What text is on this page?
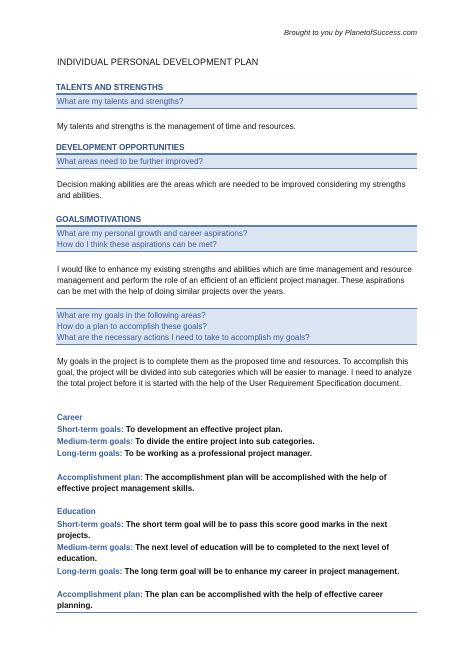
Brought to you by PlanetofSuccess.com
INDIVIDUAL PERSONAL DEVELOPMENT PLAN
TALENTS AND STRENGTHS
What are my talents and strengths?
My talents and strengths is the management of time and resources.
DEVELOPMENT OPPORTUNITIES
What areas need to be further improved?
Decision making abilities are the areas which are needed to be improved considering my strengths and abilities.
GOALS/MOTIVATIONS
What are my personal growth and career aspirations?
How do I think these aspirations can be met?
I would like to enhance my existing strengths and abilities which are time management and resource management and perform the role of an efficient of an efficient project manager. These aspirations can be met with the help of doing similar projects over the years.
What are my goals in the following areas?
How do a plan to accomplish these goals?
What are the necessary actions I need to take to accomplish my goals?
My goals in the project is to complete them as the proposed time and resources. To accomplish this goal, the project will be divided into sub categories which will be easier to manage. I need to analyze the total project before it is started with the help of the User Requirement Specification document.
Career
Short-term goals: To development an effective project plan.
Medium-term goals: To divide the entire project into sub categories.
Long-term goals: To be working as a professional project manager.
Accomplishment plan: The accomplishment plan will be accomplished with the help of effective project management skills.
Education
Short-term goals: The short term goal will be to pass this score good marks in the next projects.
Medium-term goals: The next level of education will be to completed to the next level of education.
Long-term goals: The long term goal will be to enhance my career in project management.
Accomplishment plan: The plan can be accomplished with the help of effective career planning.
